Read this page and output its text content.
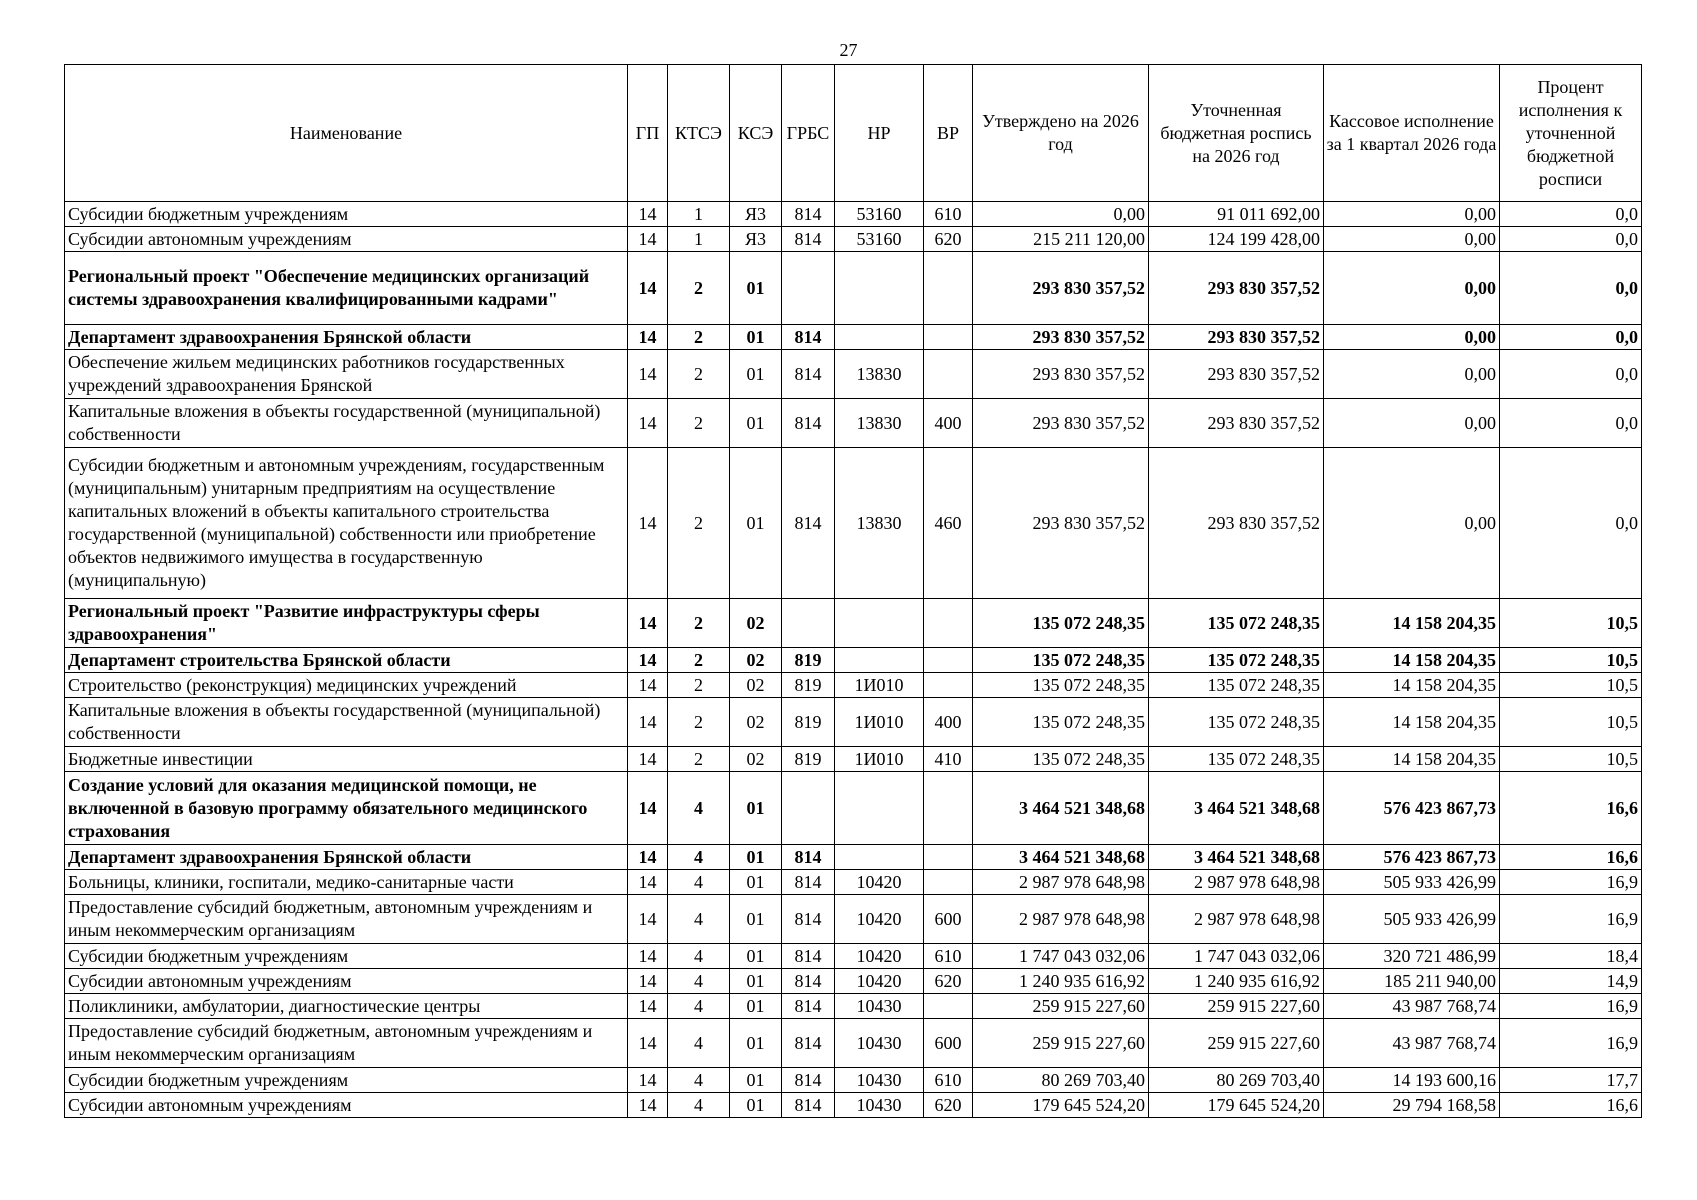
27
Наименование	ГП	КТСЭ	КСЭ	ГРБС	НР	ВР	Утверждено на 2026 год	Уточненная бюджетная роспись на 2026 год	Кассовое исполнение за 1 квартал 2026 года	Процент исполнения к уточненной бюджетной росписи
Субсидии бюджетным учреждениям	14	1	Я3	814	53160	610	0,00	91 011 692,00	0,00	0,0
Субсидии автономным учреждениям	14	1	Я3	814	53160	620	215 211 120,00	124 199 428,00	0,00	0,0
Региональный проект "Обеспечение медицинских организаций системы здравоохранения квалифицированными кадрами"	14	2	01				293 830 357,52	293 830 357,52	0,00	0,0
Департамент здравоохранения Брянской области	14	2	01	814			293 830 357,52	293 830 357,52	0,00	0,0
Обеспечение жильем медицинских работников государственных учреждений здравоохранения Брянской	14	2	01	814	13830		293 830 357,52	293 830 357,52	0,00	0,0
Капитальные вложения в объекты государственной (муниципальной) собственности	14	2	01	814	13830	400	293 830 357,52	293 830 357,52	0,00	0,0
Субсидии бюджетным и автономным учреждениям, государственным (муниципальным) унитарным предприятиям на осуществление капитальных вложений в объекты капитального строительства государственной (муниципальной) собственности или приобретение объектов недвижимого имущества в государственную (муниципальную)	14	2	01	814	13830	460	293 830 357,52	293 830 357,52	0,00	0,0
Региональный проект "Развитие инфраструктуры сферы здравоохранения"	14	2	02				135 072 248,35	135 072 248,35	14 158 204,35	10,5
Департамент строительства Брянской области	14	2	02	819			135 072 248,35	135 072 248,35	14 158 204,35	10,5
Строительство (реконструкция) медицинских учреждений	14	2	02	819	1И010		135 072 248,35	135 072 248,35	14 158 204,35	10,5
Капитальные вложения в объекты государственной (муниципальной) собственности	14	2	02	819	1И010	400	135 072 248,35	135 072 248,35	14 158 204,35	10,5
Бюджетные инвестиции	14	2	02	819	1И010	410	135 072 248,35	135 072 248,35	14 158 204,35	10,5
Создание условий для оказания медицинской помощи, не включенной в базовую программу обязательного медицинского страхования	14	4	01				3 464 521 348,68	3 464 521 348,68	576 423 867,73	16,6
Департамент здравоохранения Брянской области	14	4	01	814			3 464 521 348,68	3 464 521 348,68	576 423 867,73	16,6
Больницы, клиники, госпитали, медико-санитарные части	14	4	01	814	10420		2 987 978 648,98	2 987 978 648,98	505 933 426,99	16,9
Предоставление субсидий бюджетным, автономным учреждениям и иным некоммерческим организациям	14	4	01	814	10420	600	2 987 978 648,98	2 987 978 648,98	505 933 426,99	16,9
Субсидии бюджетным учреждениям	14	4	01	814	10420	610	1 747 043 032,06	1 747 043 032,06	320 721 486,99	18,4
Субсидии автономным учреждениям	14	4	01	814	10420	620	1 240 935 616,92	1 240 935 616,92	185 211 940,00	14,9
Поликлиники, амбулатории, диагностические центры	14	4	01	814	10430		259 915 227,60	259 915 227,60	43 987 768,74	16,9
Предоставление субсидий бюджетным, автономным учреждениям и иным некоммерческим организациям	14	4	01	814	10430	600	259 915 227,60	259 915 227,60	43 987 768,74	16,9
Субсидии бюджетным учреждениям	14	4	01	814	10430	610	80 269 703,40	80 269 703,40	14 193 600,16	17,7
Субсидии автономным учреждениям	14	4	01	814	10430	620	179 645 524,20	179 645 524,20	29 794 168,58	16,6
